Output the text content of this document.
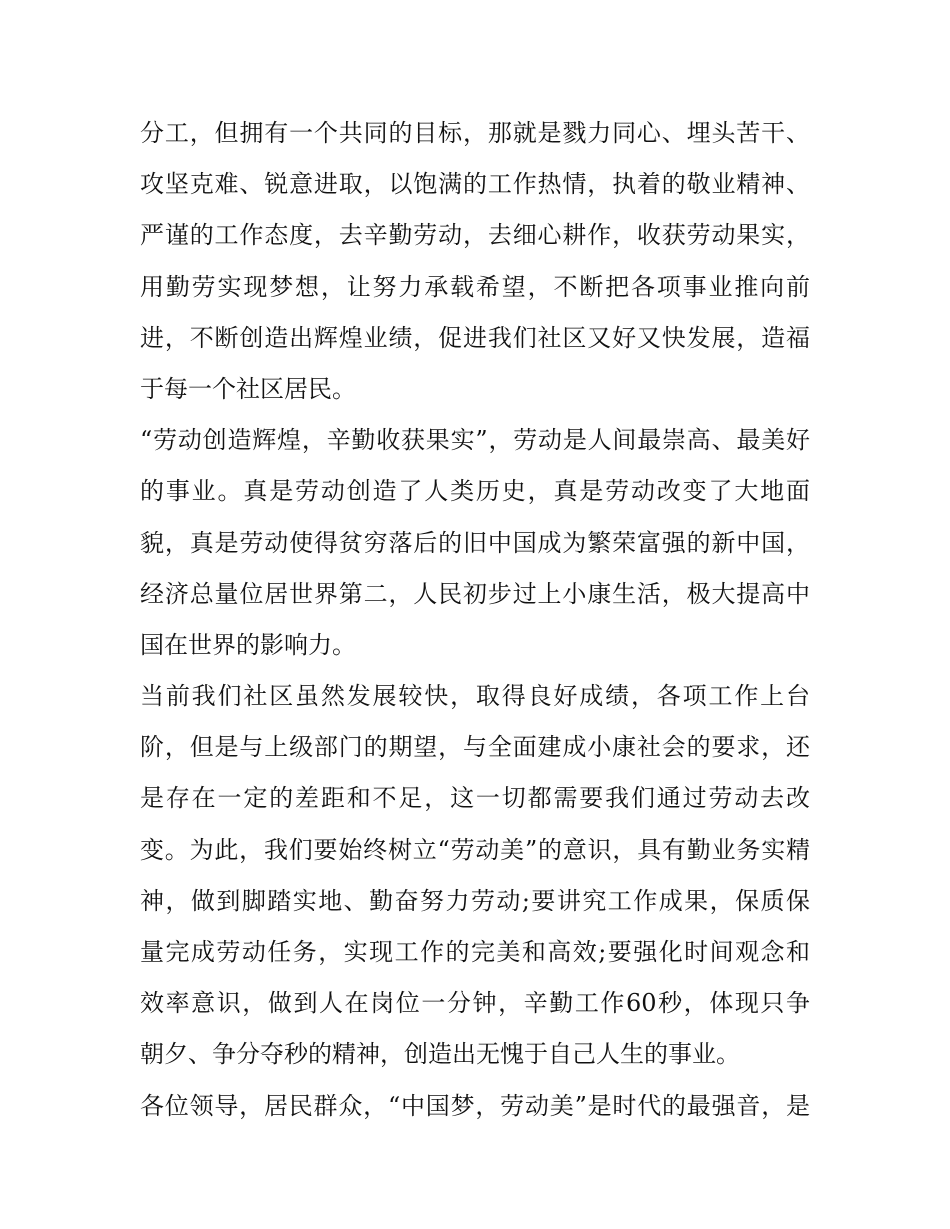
分工，但拥有一个共同的目标，那就是戮力同心、埋头苦干、
攻坚克难、锐意进取，以饱满的工作热情，执着的敬业精神、
严谨的工作态度，去辛勤劳动，去细心耕作，收获劳动果实，
用勤劳实现梦想，让努力承载希望，不断把各项事业推向前
进，不断创造出辉煌业绩，促进我们社区又好又快发展，造福
于每一个社区居民。
“劳动创造辉煌，辛勤收获果实”，劳动是人间最崇高、最美好
的事业。真是劳动创造了人类历史，真是劳动改变了大地面
貌，真是劳动使得贫穷落后的旧中国成为繁荣富强的新中国，
经济总量位居世界第二，人民初步过上小康生活，极大提高中
国在世界的影响力。
当前我们社区虽然发展较快，取得良好成绩，各项工作上台
阶，但是与上级部门的期望，与全面建成小康社会的要求，还
是存在一定的差距和不足，这一切都需要我们通过劳动去改
变。为此，我们要始终树立“劳动美”的意识，具有勤业务实精
神，做到脚踏实地、勤奋努力劳动;要讲究工作成果，保质保
量完成劳动任务，实现工作的完美和高效;要强化时间观念和
效率意识，做到人在岗位一分钟，辛勤工作60秒，体现只争
朝夕、争分夺秒的精神，创造出无愧于自己人生的事业。
各位领导，居民群众，“中国梦，劳动美”是时代的最强音，是
